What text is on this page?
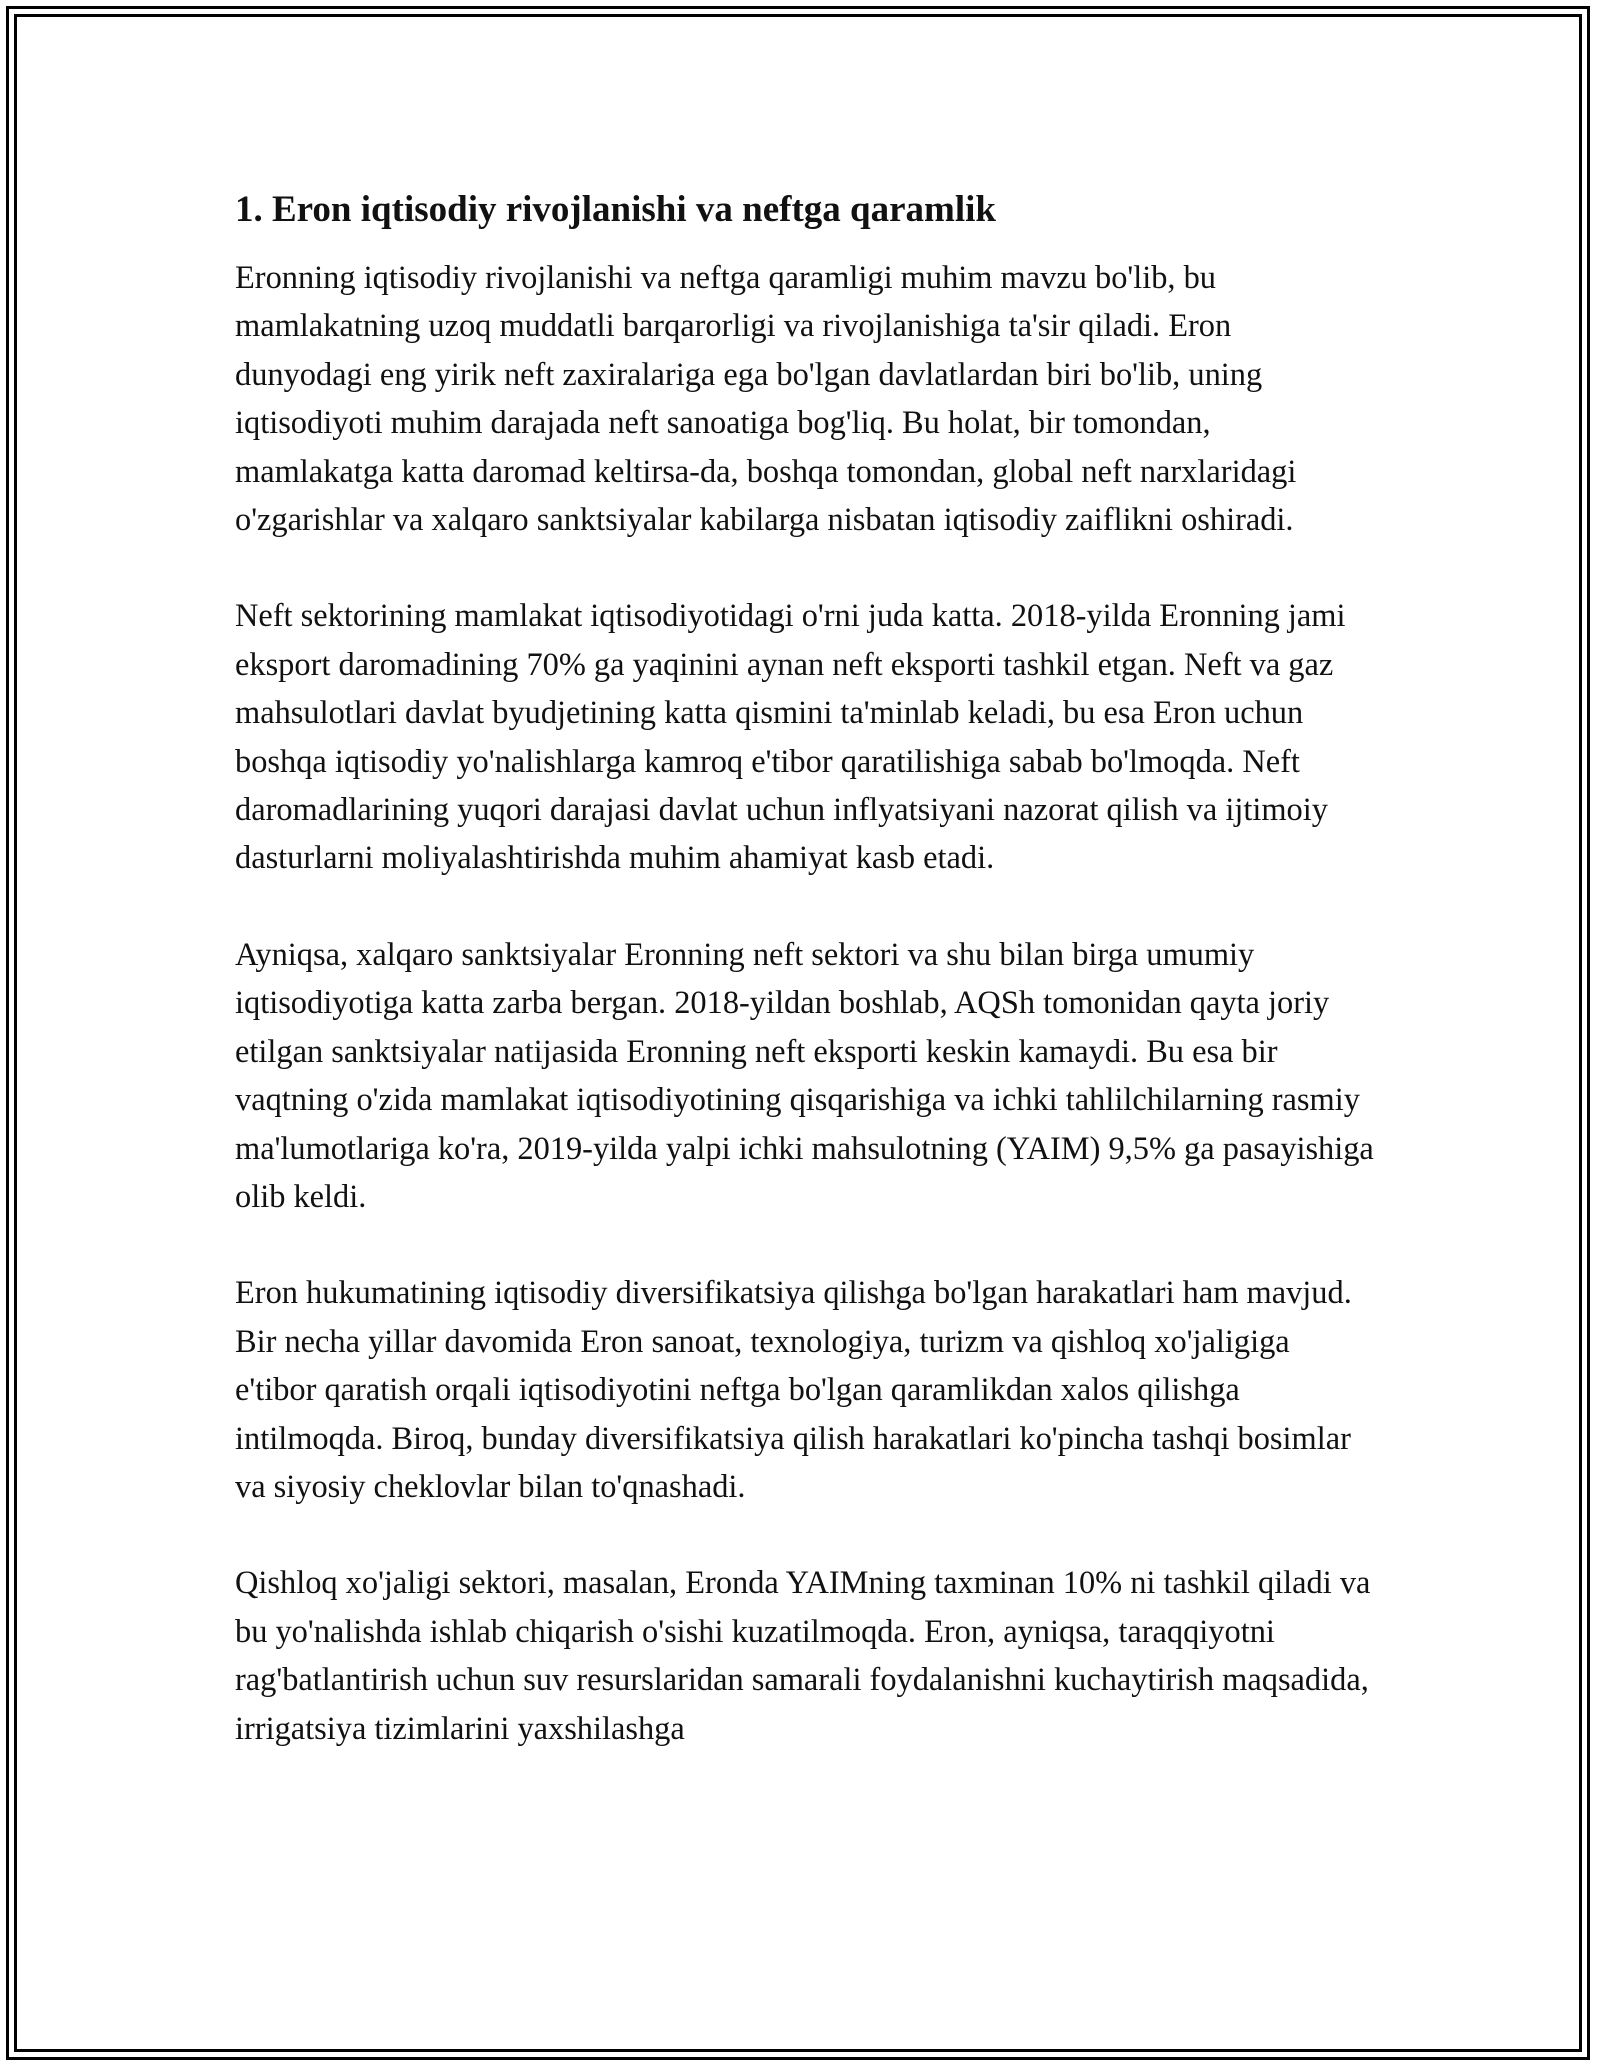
1. Eron iqtisodiy rivojlanishi va neftga qaramlik

Eronning iqtisodiy rivojlanishi va neftga qaramligi muhim mavzu bo'lib, bu mamlakatning uzoq muddatli barqarorligi va rivojlanishiga ta'sir qiladi. Eron dunyodagi eng yirik neft zaxiralariga ega bo'lgan davlatlardan biri bo'lib, uning iqtisodiyoti muhim darajada neft sanoatiga bog'liq. Bu holat, bir tomondan, mamlakatga katta daromad keltirsa-da, boshqa tomondan, global neft narxlaridagi o'zgarishlar va xalqaro sanktsiyalar kabilarga nisbatan iqtisodiy zaiflikni oshiradi.

Neft sektorining mamlakat iqtisodiyotidagi o'rni juda katta. 2018-yilda Eronning jami eksport daromadining 70% ga yaqinini aynan neft eksporti tashkil etgan. Neft va gaz mahsulotlari davlat byudjetining katta qismini ta'minlab keladi, bu esa Eron uchun boshqa iqtisodiy yo'nalishlarga kamroq e'tibor qaratilishiga sabab bo'lmoqda. Neft daromadlarining yuqori darajasi davlat uchun inflyatsiyani nazorat qilish va ijtimoiy dasturlarni moliyalashtirishda muhim ahamiyat kasb etadi.

Ayniqsa, xalqaro sanktsiyalar Eronning neft sektori va shu bilan birga umumiy iqtisodiyotiga katta zarba bergan. 2018-yildan boshlab, AQSh tomonidan qayta joriy etilgan sanktsiyalar natijasida Eronning neft eksporti keskin kamaydi. Bu esa bir vaqtning o'zida mamlakat iqtisodiyotining qisqarishiga va ichki tahlilchilarning rasmiy ma'lumotlariga ko'ra, 2019-yilda yalpi ichki mahsulotning (YAIM) 9,5% ga pasayishiga olib keldi.

Eron hukumatining iqtisodiy diversifikatsiya qilishga bo'lgan harakatlari ham mavjud. Bir necha yillar davomida Eron sanoat, texnologiya, turizm va qishloq xo'jaligiga e'tibor qaratish orqali iqtisodiyotini neftga bo'lgan qaramlikdan xalos qilishga intilmoqda. Biroq, bunday diversifikatsiya qilish harakatlari ko'pincha tashqi bosimlar va siyosiy cheklovlar bilan to'qnashadi.

Qishloq xo'jaligi sektori, masalan, Eronda YAIMning taxminan 10% ni tashkil qiladi va bu yo'nalishda ishlab chiqarish o'sishi kuzatilmoqda. Eron, ayniqsa, taraqqiyotni rag'batlantirish uchun suv resurslaridan samarali foydalanishni kuchaytirish maqsadida, irrigatsiya tizimlarini yaxshilashga
